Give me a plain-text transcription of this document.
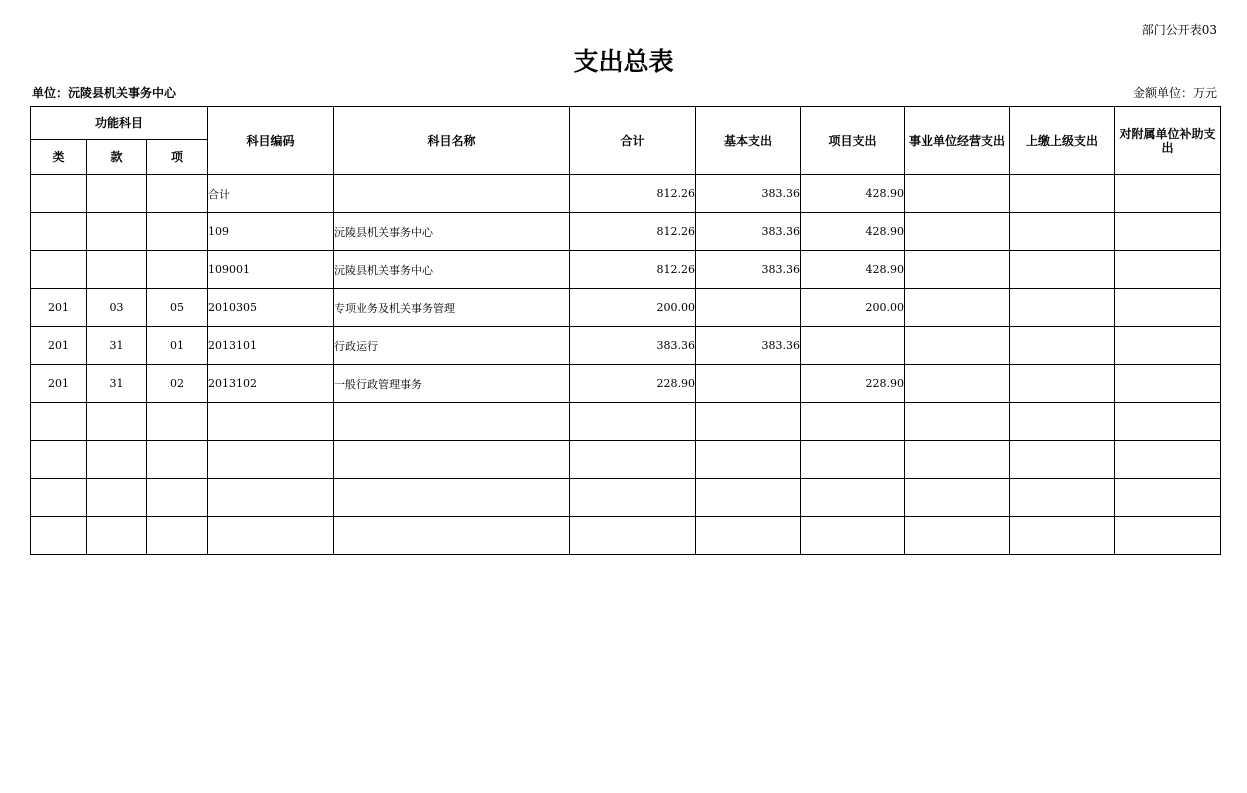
部门公开表03
支出总表
单位：沅陵县机关事务中心	金额单位：万元
功能科目			科目编码	科目名称	合计	基本支出	项目支出	事业单位经营支出	上缴上级支出	对附属单位补助支出
类	款	项								
			合计		812.26	383.36	428.90			
			109	沅陵县机关事务中心	812.26	383.36	428.90			
			109001	沅陵县机关事务中心	812.26	383.36	428.90			
201	03	05	2010305	专项业务及机关事务管理	200.00		200.00			
201	31	01	2013101	行政运行	383.36	383.36				
201	31	02	2013102	一般行政管理事务	228.90		228.90			
